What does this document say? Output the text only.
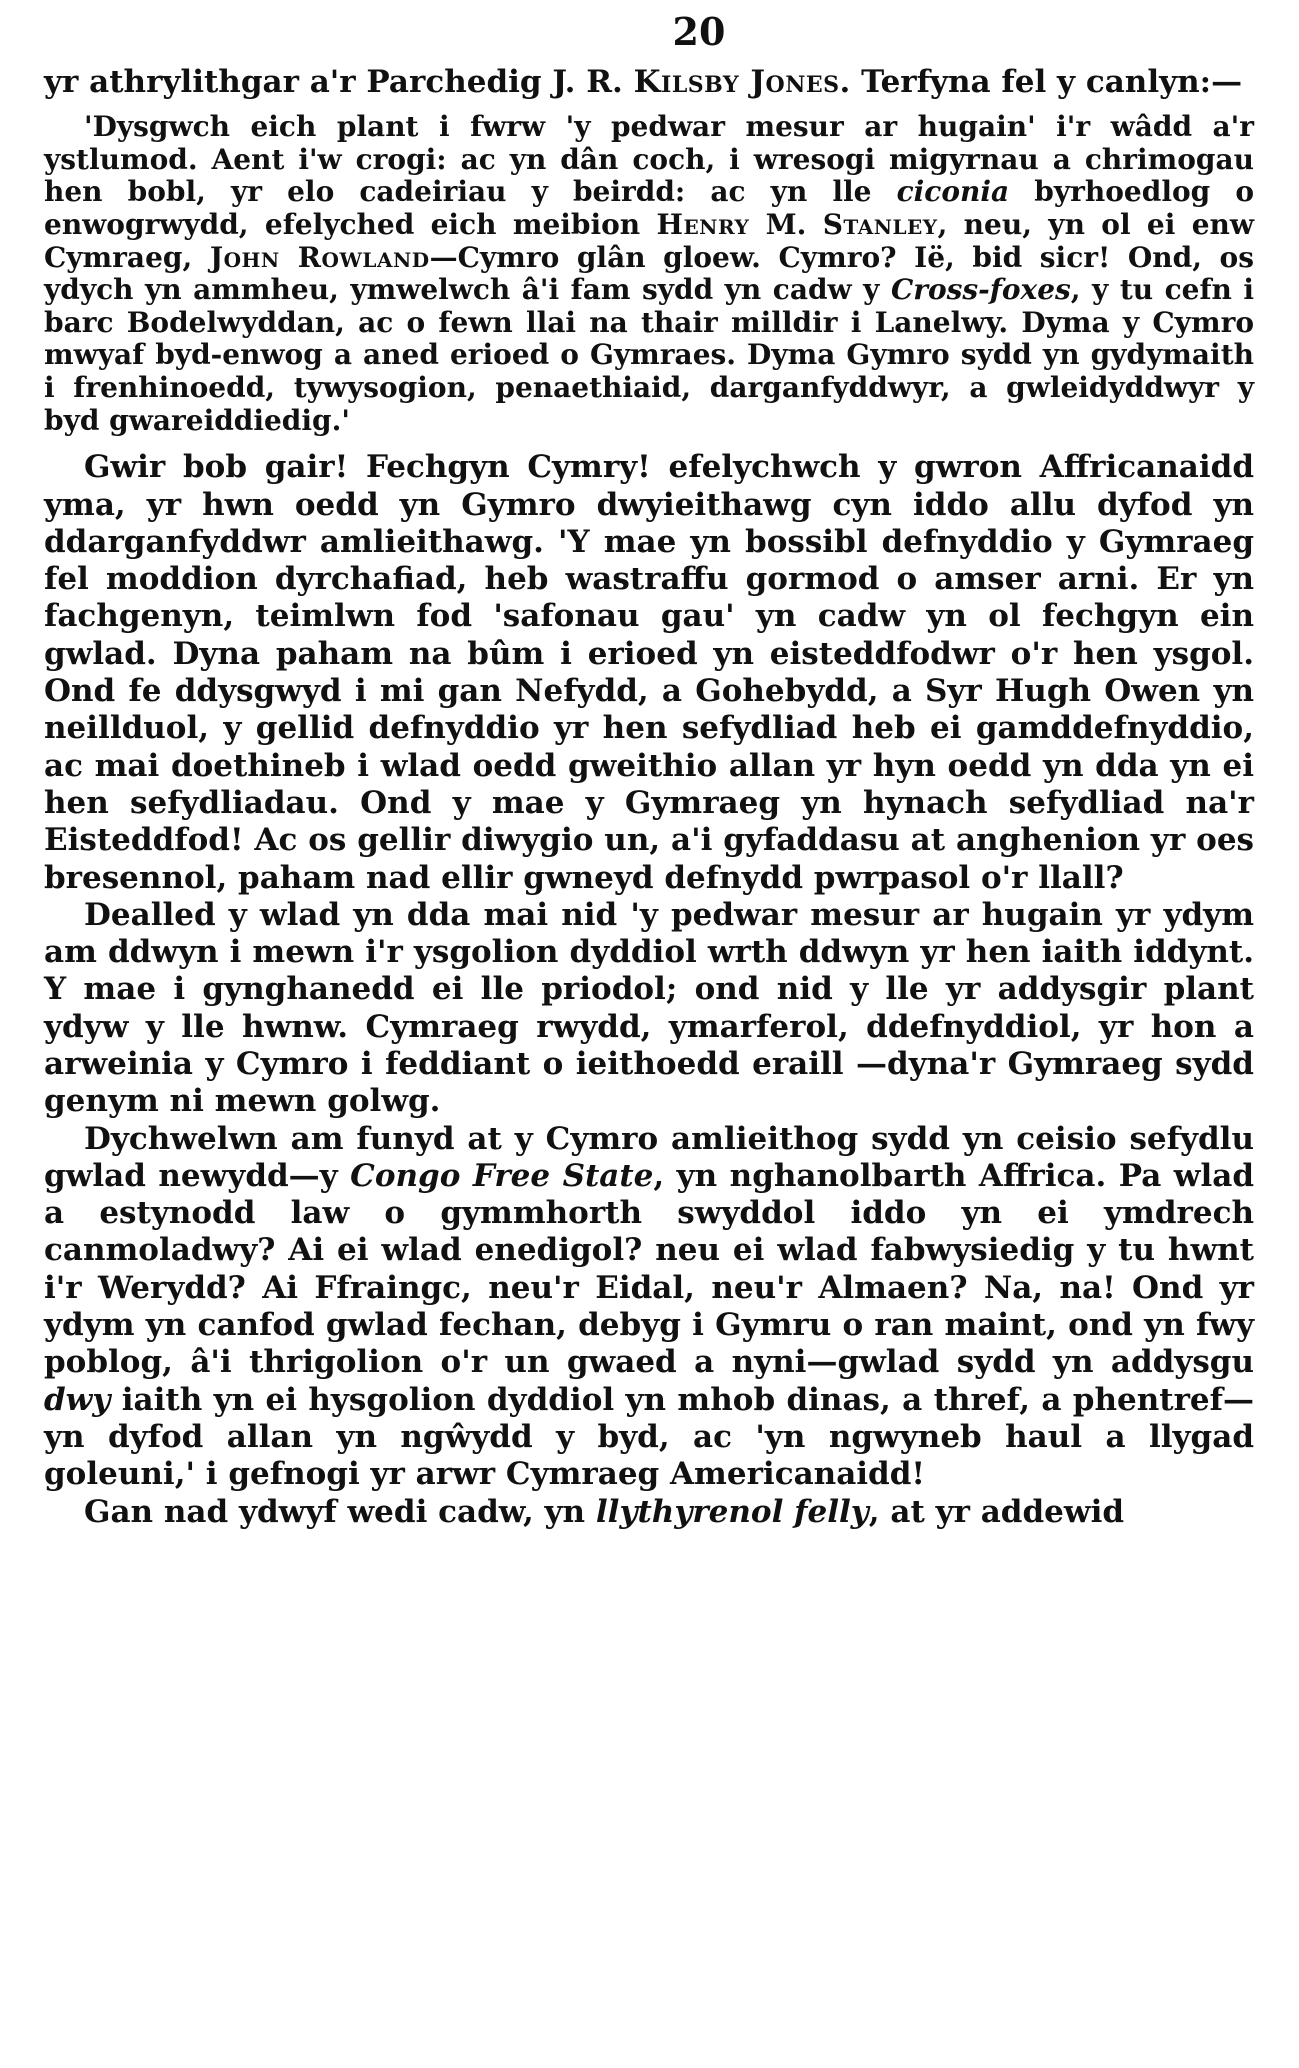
20

yr athrylithgar a'r Parchedig J. R. Kilsby Jones. Terfyna fel y canlyn:—

'Dysgwch eich plant i fwrw 'y pedwar mesur ar hugain' i'r wâdd a'r ystlumod. Aent i'w crogi: ac yn dân coch, i wresogi migyrnau a chrimogau hen bobl, yr elo cadeiriau y beirdd: ac yn lle ciconia byrhoedlog o enwogrwydd, efelyched eich meibion Henry M. Stanley, neu, yn ol ei enw Cymraeg, John Rowland—Cymro glân gloew. Cymro? Ië, bid sicr! Ond, os ydych yn ammheu, ymwelwch â'i fam sydd yn cadw y Cross-foxes, y tu cefn i barc Bodelwyddan, ac o fewn llai na thair milldir i Lanelwy. Dyma y Cymro mwyaf byd-enwog a aned erioed o Gymraes. Dyma Gymro sydd yn gydymaith i frenhinoedd, tywysogion, penaethiaid, darganfyddwyr, a gwleidyddwyr y byd gwareiddiedig.'

Gwir bob gair! Fechgyn Cymry! efelychwch y gwron Affricanaidd yma, yr hwn oedd yn Gymro dwyieithawg cyn iddo allu dyfod yn ddarganfyddwr amlieithawg. 'Y mae yn bossibl defnyddio y Gymraeg fel moddion dyrchafiad, heb wastraffu gormod o amser arni. Er yn fachgenyn, teimlwn fod 'safonau gau' yn cadw yn ol fechgyn ein gwlad. Dyna paham na bûm i erioed yn eisteddfodwr o'r hen ysgol. Ond fe ddysgwyd i mi gan Nefydd, a Gohebydd, a Syr Hugh Owen yn neillduol, y gellid defnyddio yr hen sefydliad heb ei gamddefnyddio, ac mai doethineb i wlad oedd gweithio allan yr hyn oedd yn dda yn ei hen sefydliadau. Ond y mae y Gymraeg yn hynach sefydliad na'r Eisteddfod! Ac os gellir diwygio un, a'i gyfaddasu at anghenion yr oes bresennol, paham nad ellir gwneyd defnydd pwrpasol o'r llall?

Dealled y wlad yn dda mai nid 'y pedwar mesur ar hugain yr ydym am ddwyn i mewn i'r ysgolion dyddiol wrth ddwyn yr hen iaith iddynt. Y mae i gynghanedd ei lle priodol; ond nid y lle yr addysgir plant ydyw y lle hwnw. Cymraeg rwydd, ymarferol, ddefnyddiol, yr hon a arweinia y Cymro i feddiant o ieithoedd eraill —dyna'r Gymraeg sydd genym ni mewn golwg.

Dychwelwn am funyd at y Cymro amlieithog sydd yn ceisio sefydlu gwlad newydd—y Congo Free State, yn nghanolbarth Affrica. Pa wlad a estynodd law o gymmhorth swyddol iddo yn ei ymdrech canmoladwy? Ai ei wlad enedigol? neu ei wlad fabwysiedig y tu hwnt i'r Werydd? Ai Ffraingc, neu'r Eidal, neu'r Almaen? Na, na! Ond yr ydym yn canfod gwlad fechan, debyg i Gymru o ran maint, ond yn fwy poblog, â'i thrigolion o'r un gwaed a nyni—gwlad sydd yn addysgu dwy iaith yn ei hysgolion dyddiol yn mhob dinas, a thref, a phentref—yn dyfod allan yn ngŵydd y byd, ac 'yn ngwyneb haul a llygad goleuni,' i gefnogi yr arwr Cymraeg Americanaidd!

Gan nad ydwyf wedi cadw, yn llythyrenol felly, at yr addewid
